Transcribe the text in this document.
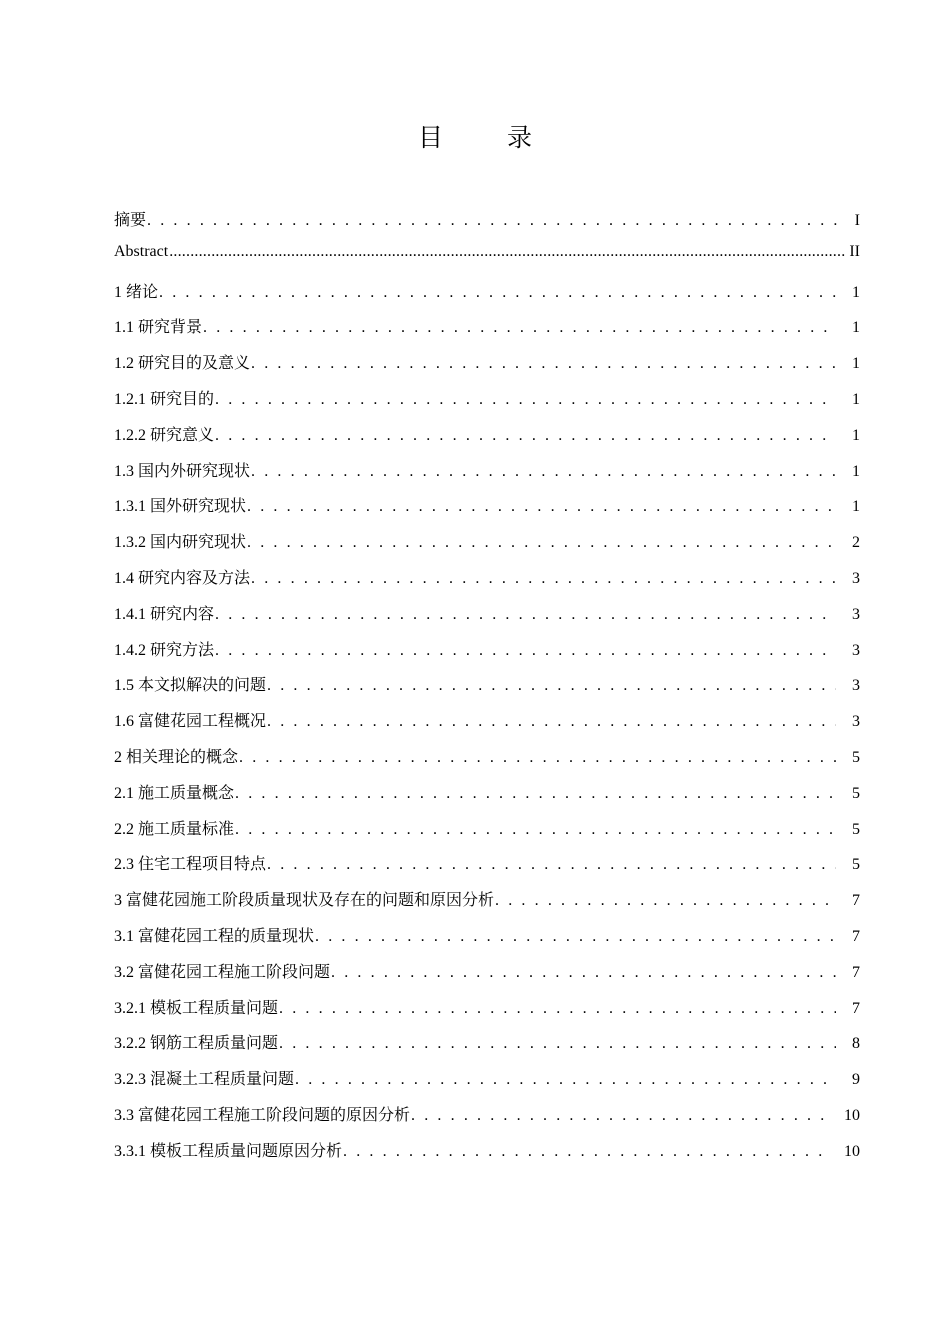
目 录
摘要 . . .	I
Abstract .....	II
1 绪论 . . .	1
1.1 研究背景 . . .	1
1.2 研究目的及意义 . . .	1
1.2.1 研究目的 . . .	1
1.2.2 研究意义 . . .	1
1.3 国内外研究现状 . . .	1
1.3.1 国外研究现状 . . .	1
1.3.2 国内研究现状 . . .	2
1.4 研究内容及方法 . . .	3
1.4.1 研究内容 . . .	3
1.4.2 研究方法 . . .	3
1.5 本文拟解决的问题 . . .	3
1.6 富健花园工程概况 . . .	3
2 相关理论的概念 . . .	5
2.1 施工质量概念 . . .	5
2.2 施工质量标准 . . .	5
2.3 住宅工程项目特点 . . .	5
3 富健花园施工阶段质量现状及存在的问题和原因分析 . . .	7
3.1 富健花园工程的质量现状 . . .	7
3.2 富健花园工程施工阶段问题 . . .	7
3.2.1 模板工程质量问题 . . .	7
3.2.2 钢筋工程质量问题 . . .	8
3.2.3 混凝土工程质量问题 . . .	9
3.3 富健花园工程施工阶段问题的原因分析 . . .	10
3.3.1 模板工程质量问题原因分析 . . .	10
